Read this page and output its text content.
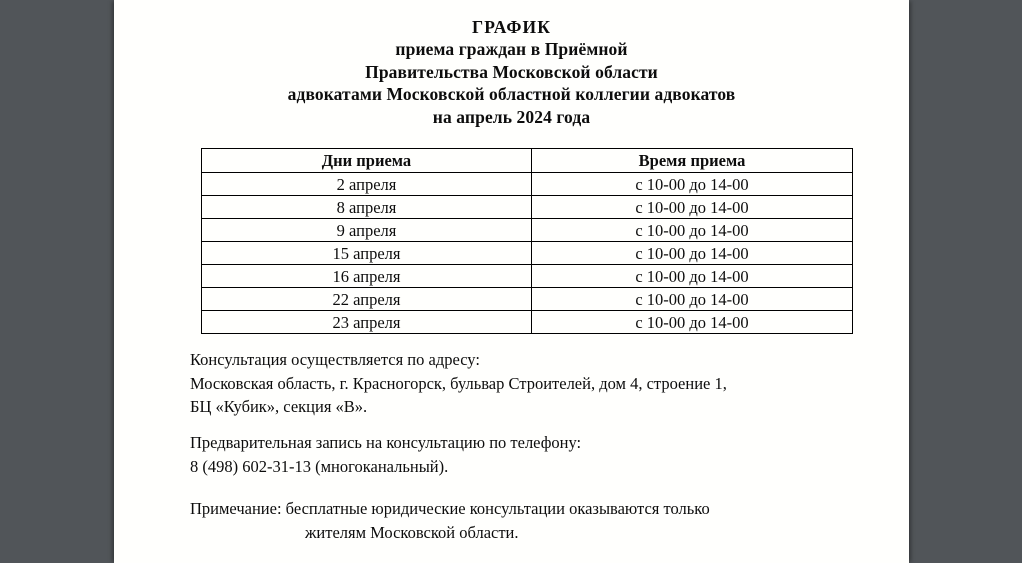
ГРАФИК
приема граждан в Приёмной
Правительства Московской области
адвокатами Московской областной коллегии адвокатов
на апрель 2024 года
Дни приема	Время приема
2 апреля	с 10-00 до 14-00
8 апреля	с 10-00 до 14-00
9 апреля	с 10-00 до 14-00
15 апреля	с 10-00 до 14-00
16 апреля	с 10-00 до 14-00
22 апреля	с 10-00 до 14-00
23 апреля	с 10-00 до 14-00
Консультация осуществляется по адресу:
Московская область, г. Красногорск, бульвар Строителей, дом 4, строение 1,
БЦ «Кубик», секция «В».
Предварительная запись на консультацию по телефону:
8 (498) 602-31-13 (многоканальный).
Примечание: бесплатные юридические консультации оказываются только
жителям Московской области.
